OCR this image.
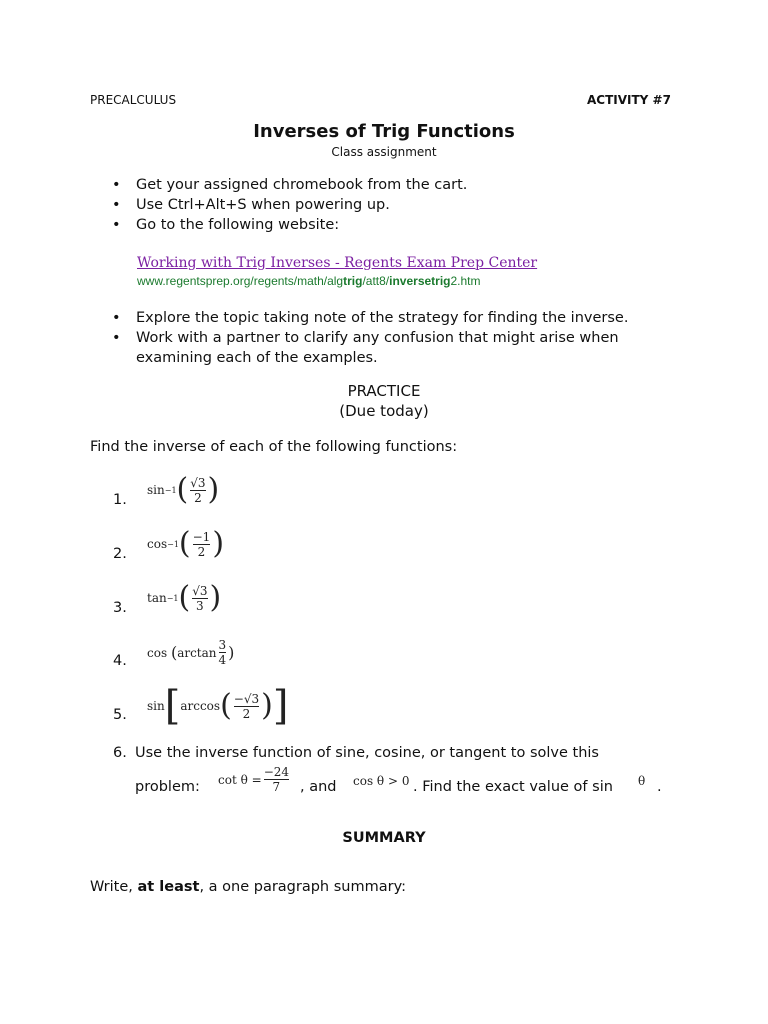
PRECALCULUS	ACTIVITY #7
Inverses of Trig Functions
Class assignment
• Get your assigned chromebook from the cart.
• Use Ctrl+Alt+S when powering up.
• Go to the following website:
Working with Trig Inverses - Regents Exam Prep Center
www.regentsprep.org/regents/math/algtrig/att8/inversetrig2.htm
• Explore the topic taking note of the strategy for finding the inverse.
• Work with a partner to clarify any confusion that might arise when examining each of the examples.
PRACTICE
(Due today)
Find the inverse of each of the following functions:
1.
sin −1 ( $\frac{√3}{2}$ )
2.
cos −1 ( $\frac{-1}{2}$ )
3.
tan −1 ( $\frac{√3}{3}$ )
4.
cos
( $\arctan \frac{3}{4}$ )
5.
sin [ arccos ( $\frac{-√3}{2}$ ) ]
6. Use the inverse function of sine, cosine, or tangent to solve this
problem: $\cot \theta = \frac{-24}{7}$ , and cos θ > 0 . Find the exact value of sin θ .
SUMMARY
Write, at least, a one paragraph summary:
